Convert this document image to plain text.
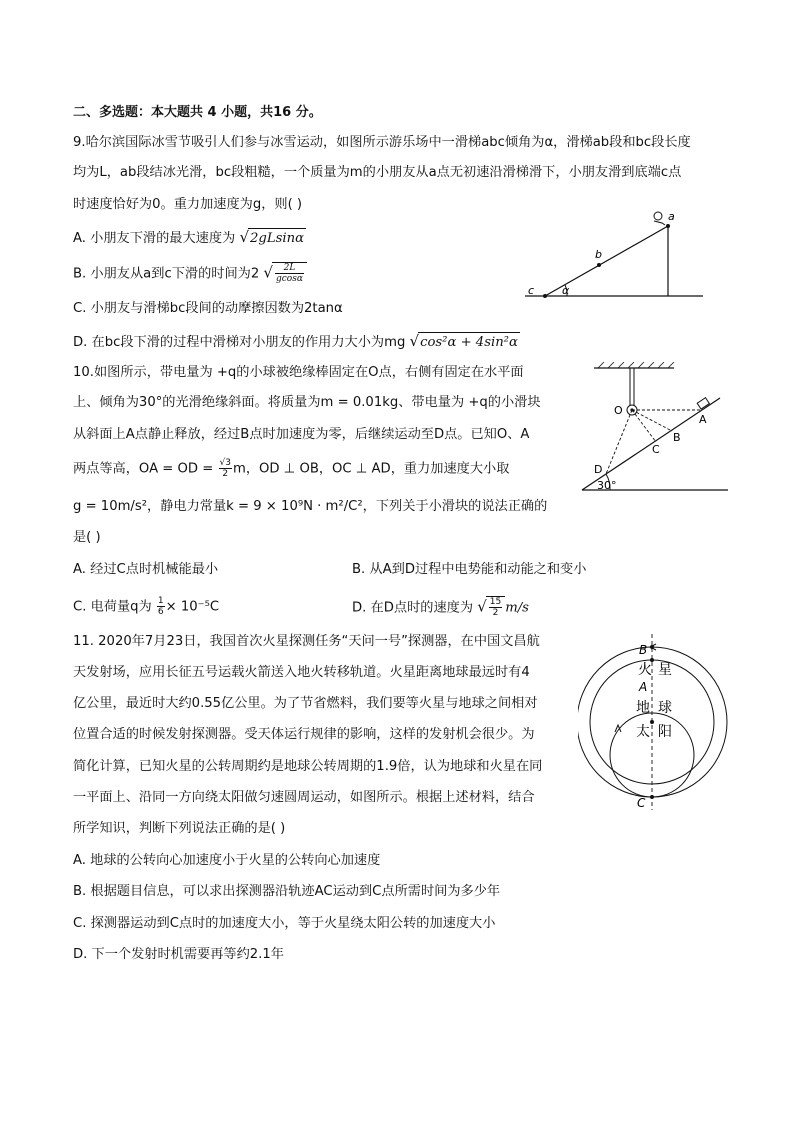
二、多选题：本大题共 4 小题，共16 分。
9.哈尔滨国际冰雪节吸引人们参与冰雪运动，如图所示游乐场中一滑梯abc倾角为α，滑梯ab段和bc段长度
均为L，ab段结冰光滑，bc段粗糙，一个质量为m的小朋友从a点无初速沿滑梯滑下，小朋友滑到底端c点
时速度恰好为0。重力加速度为g，则( )
A. 小朋友下滑的最大速度为 √2gLsinα
B. 小朋友从a到c下滑的时间为2 √ $\frac{2L}{gcos\alpha}$
C. 小朋友与滑梯bc段间的动摩擦因数为2tanα
D. 在bc段下滑的过程中滑梯对小朋友的作用力大小为mg √cos²α + 4sin²α
a
b
c	α
10.如图所示，带电量为 +q的小球被绝缘棒固定在O点，右侧有固定在水平面
上、倾角为30°的光滑绝缘斜面。将质量为m = 0.01kg、带电量为 +q的小滑块
从斜面上A点静止释放，经过B点时加速度为零，后继续运动至D点。已知O、A
两点等高，OA = OD = $\frac{√3}{2}$ m，OD ⊥ OB，OC ⊥ AD，重力加速度大小取
g = 10m/s²，静电力常量k = 9 × 10⁹N · m²/C²，下列关于小滑块的说法正确的
是( )
A. 经过C点时机械能最小	B. 从A到D过程中电势能和动能之和变小
C. 电荷量q为 $\frac{1}{6} \times 10^{-5}C$	D. 在D点时的速度为 √ $\frac{15}{2} m/s$
O
A
B
C
D
30°
11. 2020年7月23日，我国首次火星探测任务“天问一号”探测器，在中国文昌航
天发射场，应用长征五号运载火箭送入地火转移轨道。火星距离地球最远时有4
亿公里，最近时大约0.55亿公里。为了节省燃料，我们要等火星与地球之间相对
位置合适的时候发射探测器。受天体运行规律的影响，这样的发射机会很少。为
简化计算，已知火星的公转周期约是地球公转周期的1.9倍，认为地球和火星在同
一平面上、沿同一方向绕太阳做匀速圆周运动，如图所示。根据上述材料，结合
所学知识，判断下列说法正确的是( )
A. 地球的公转向心加速度小于火星的公转向心加速度
B. 根据题目信息，可以求出探测器沿轨迹AC运动到C点所需时间为多少年
C. 探测器运动到C点时的加速度大小，等于火星绕太阳公转的加速度大小
D. 下一个发射时机需要再等约2.1年
B
A
C
火 星
地 球
太 阳
